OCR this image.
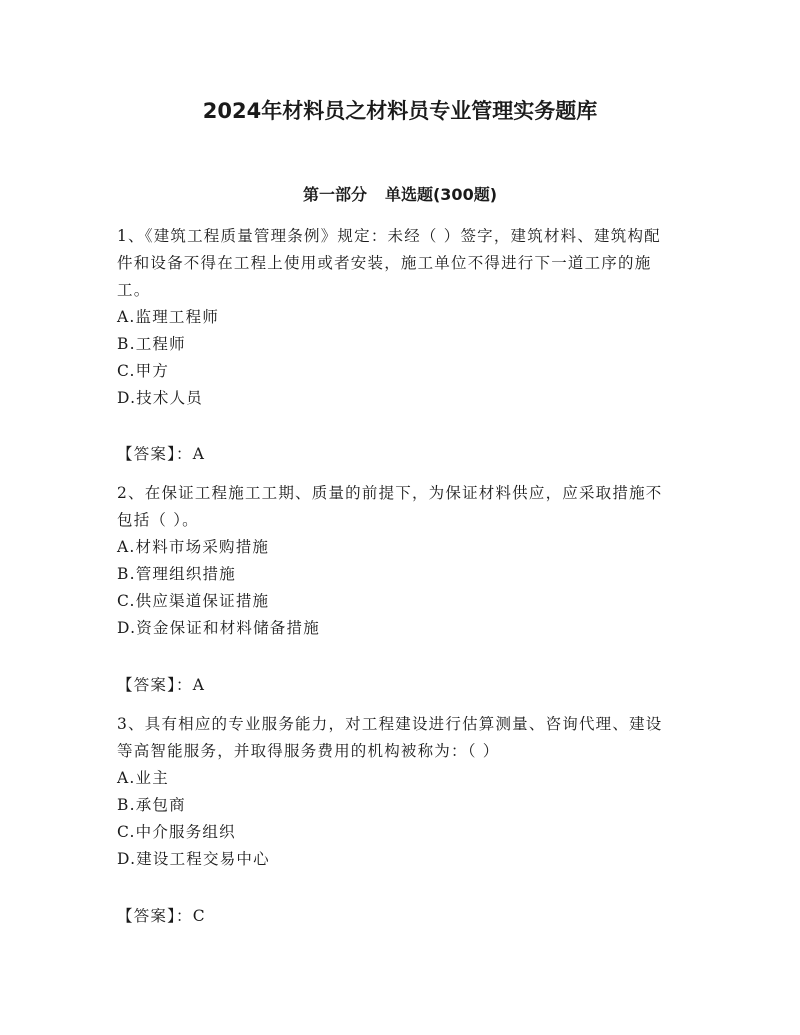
2024年材料员之材料员专业管理实务题库
第一部分 单选题(300题)

1、《建筑工程质量管理条例》规定：未经（ ）签字，建筑材料、建筑构配件和设备不得在工程上使用或者安装，施工单位不得进行下一道工序的施工。

A.监理工程师
B.工程师
C.甲方
D.技术人员
【答案】：A

2、在保证工程施工工期、质量的前提下，为保证材料供应，应采取措施不包括（ ）。

A.材料市场采购措施
B.管理组织措施
C.供应渠道保证措施
D.资金保证和材料储备措施
【答案】：A

3、具有相应的专业服务能力，对工程建设进行估算测量、咨询代理、建设等高智能服务，并取得服务费用的机构被称为：（ ）

A.业主
B.承包商
C.中介服务组织
D.建设工程交易中心
【答案】：C
